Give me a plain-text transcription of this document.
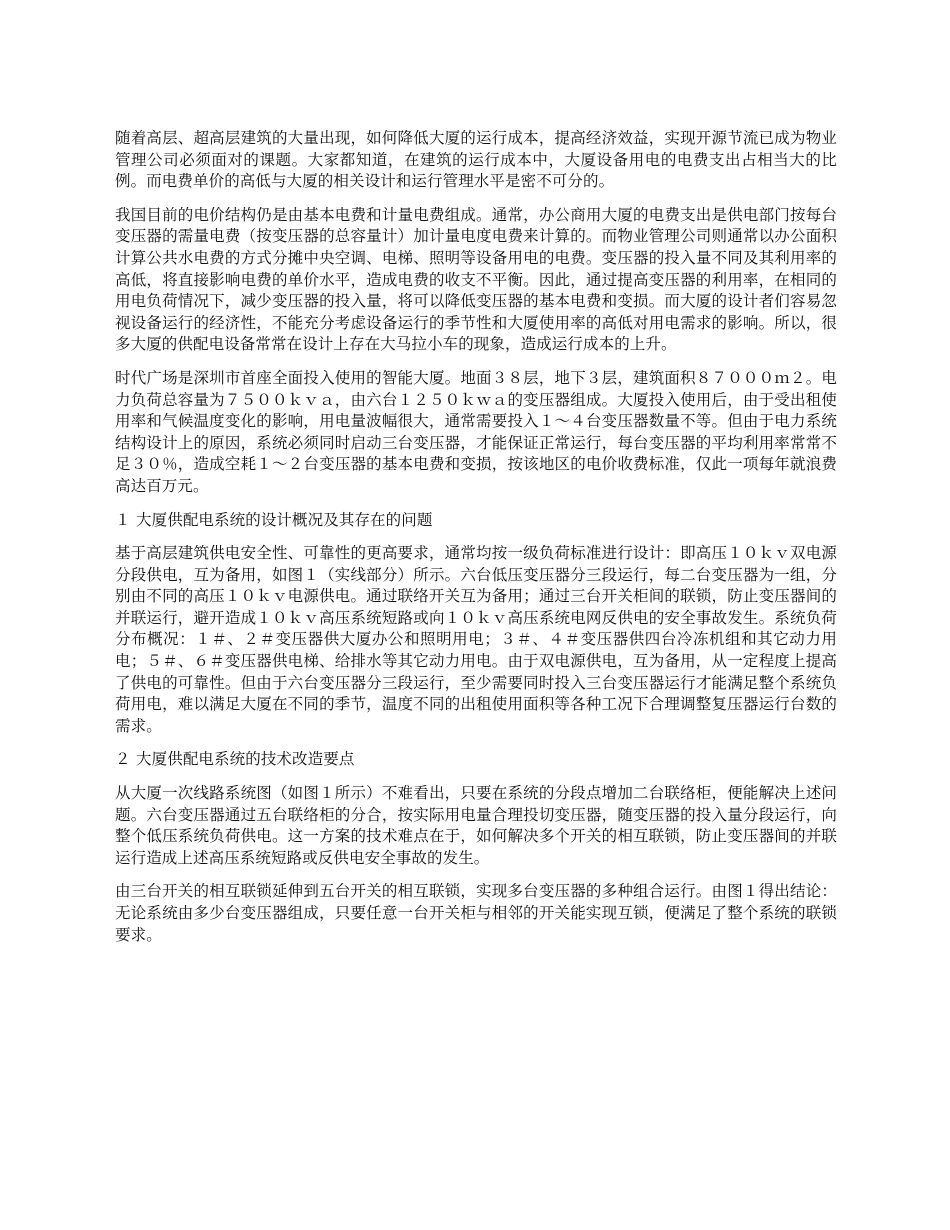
随着高层、超高层建筑的大量出现，如何降低大厦的运行成本，提高经济效益，实现开源节流已成为物业管理公司必须面对的课题。大家都知道，在建筑的运行成本中，大厦设备用电的电费支出占相当大的比例。而电费单价的高低与大厦的相关设计和运行管理水平是密不可分的。

我国目前的电价结构仍是由基本电费和计量电费组成。通常，办公商用大厦的电费支出是供电部门按每台变压器的需量电费（按变压器的总容量计）加计量电度电费来计算的。而物业管理公司则通常以办公面积计算公共水电费的方式分摊中央空调、电梯、照明等设备用电的电费。变压器的投入量不同及其利用率的高低，将直接影响电费的单价水平，造成电费的收支不平衡。因此，通过提高变压器的利用率，在相同的用电负荷情况下，减少变压器的投入量，将可以降低变压器的基本电费和变损。而大厦的设计者们容易忽视设备运行的经济性，不能充分考虑设备运行的季节性和大厦使用率的高低对用电需求的影响。所以，很多大厦的供配电设备常常在设计上存在大马拉小车的现象，造成运行成本的上升。

时代广场是深圳市首座全面投入使用的智能大厦。地面３８层，地下３层，建筑面积８７０００ｍ２。电力负荷总容量为７５００ｋｖａ，由六台１２５０ｋｗａ的变压器组成。大厦投入使用后，由于受出租使用率和气候温度变化的影响，用电量波幅很大，通常需要投入１～４台变压器数量不等。但由于电力系统结构设计上的原因，系统必须同时启动三台变压器，才能保证正常运行，每台变压器的平均利用率常常不足３０％，造成空耗１～２台变压器的基本电费和变损，按该地区的电价收费标准，仅此一项每年就浪费高达百万元。

１ 大厦供配电系统的设计概况及其存在的问题

基于高层建筑供电安全性、可靠性的更高要求，通常均按一级负荷标准进行设计：即高压１０ｋｖ双电源分段供电，互为备用，如图１（实线部分）所示。六台低压变压器分三段运行，每二台变压器为一组，分别由不同的高压１０ｋｖ电源供电。通过联络开关互为备用；通过三台开关柜间的联锁，防止变压器间的并联运行，避开造成１０ｋｖ高压系统短路或向１０ｋｖ高压系统电网反供电的安全事故发生。系统负荷分布概况：１＃、２＃变压器供大厦办公和照明用电；３＃、４＃变压器供四台冷冻机组和其它动力用电；５＃、６＃变压器供电梯、给排水等其它动力用电。由于双电源供电，互为备用，从一定程度上提高了供电的可靠性。但由于六台变压器分三段运行，至少需要同时投入三台变压器运行才能满足整个系统负荷用电，难以满足大厦在不同的季节，温度不同的出租使用面积等各种工况下合理调整复压器运行台数的需求。

２ 大厦供配电系统的技术改造要点

从大厦一次线路系统图（如图１所示）不难看出，只要在系统的分段点增加二台联络柜，便能解决上述问题。六台变压器通过五台联络柜的分合，按实际用电量合理投切变压器，随变压器的投入量分段运行，向整个低压系统负荷供电。这一方案的技术难点在于，如何解决多个开关的相互联锁，防止变压器间的并联运行造成上述高压系统短路或反供电安全事故的发生。

由三台开关的相互联锁延伸到五台开关的相互联锁，实现多台变压器的多种组合运行。由图１得出结论：无论系统由多少台变压器组成，只要任意一台开关柜与相邻的开关能实现互锁，便满足了整个系统的联锁要求。
